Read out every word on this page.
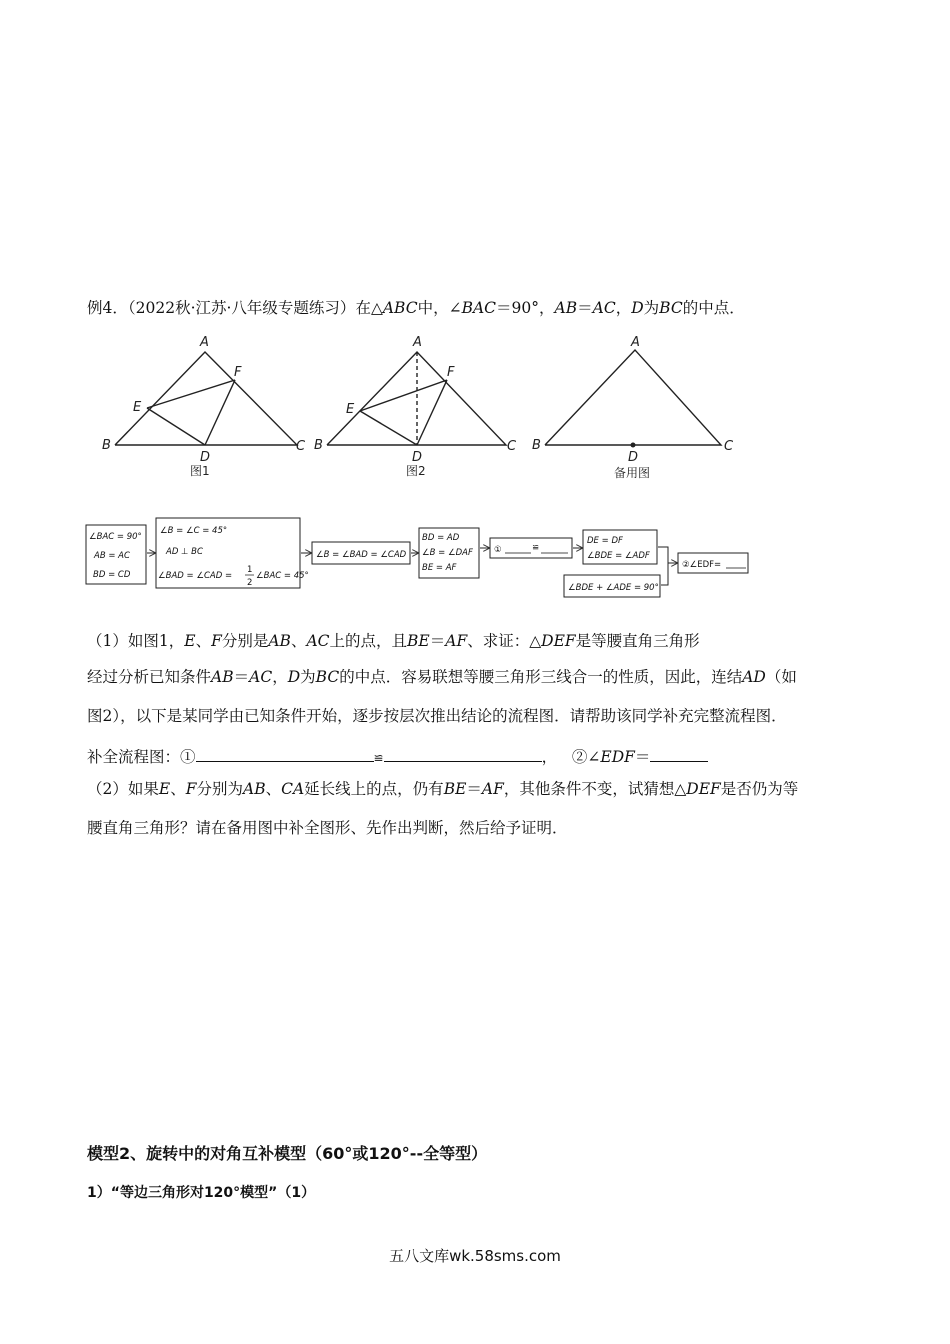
例4．（2022秋·江苏·八年级专题练习）在△ABC中，∠BAC＝90°，AB＝AC，D为BC的中点．
A
B	C
D
E
F
图1
A
B	C
D
E
F
图2
A
B	C
D
备用图
∠BAC = 90°
AB = AC
BD = CD
∠B = ∠C = 45°
AD ⊥ BC
∠BAD = ∠CAD =
1
2
∠BAC = 45°
∠B = ∠BAD = ∠CAD
BD = AD
∠B = ∠DAF
BE = AF
①	≌
DE = DF
∠BDE = ∠ADF
∠BDE + ∠ADE = 90°
②∠EDF=
（1）如图1，E、F分别是AB、AC上的点，且BE＝AF、求证：△DEF是等腰直角三角形
经过分析已知条件AB＝AC，D为BC的中点．容易联想等腰三角形三线合一的性质，因此，连结AD（如
图2），以下是某同学由已知条件开始，逐步按层次推出结论的流程图．请帮助该同学补充完整流程图．
补全流程图：①	≌	， ②∠EDF＝
（2）如果E、F分别为AB、CA延长线上的点，仍有BE＝AF，其他条件不变，试猜想△DEF是否仍为等
腰直角三角形？请在备用图中补全图形、先作出判断，然后给予证明．
模型2、旋转中的对角互补模型（60°或120°--全等型）
1）“等边三角形对120°模型”（1）
五八文库wk.58sms.com
